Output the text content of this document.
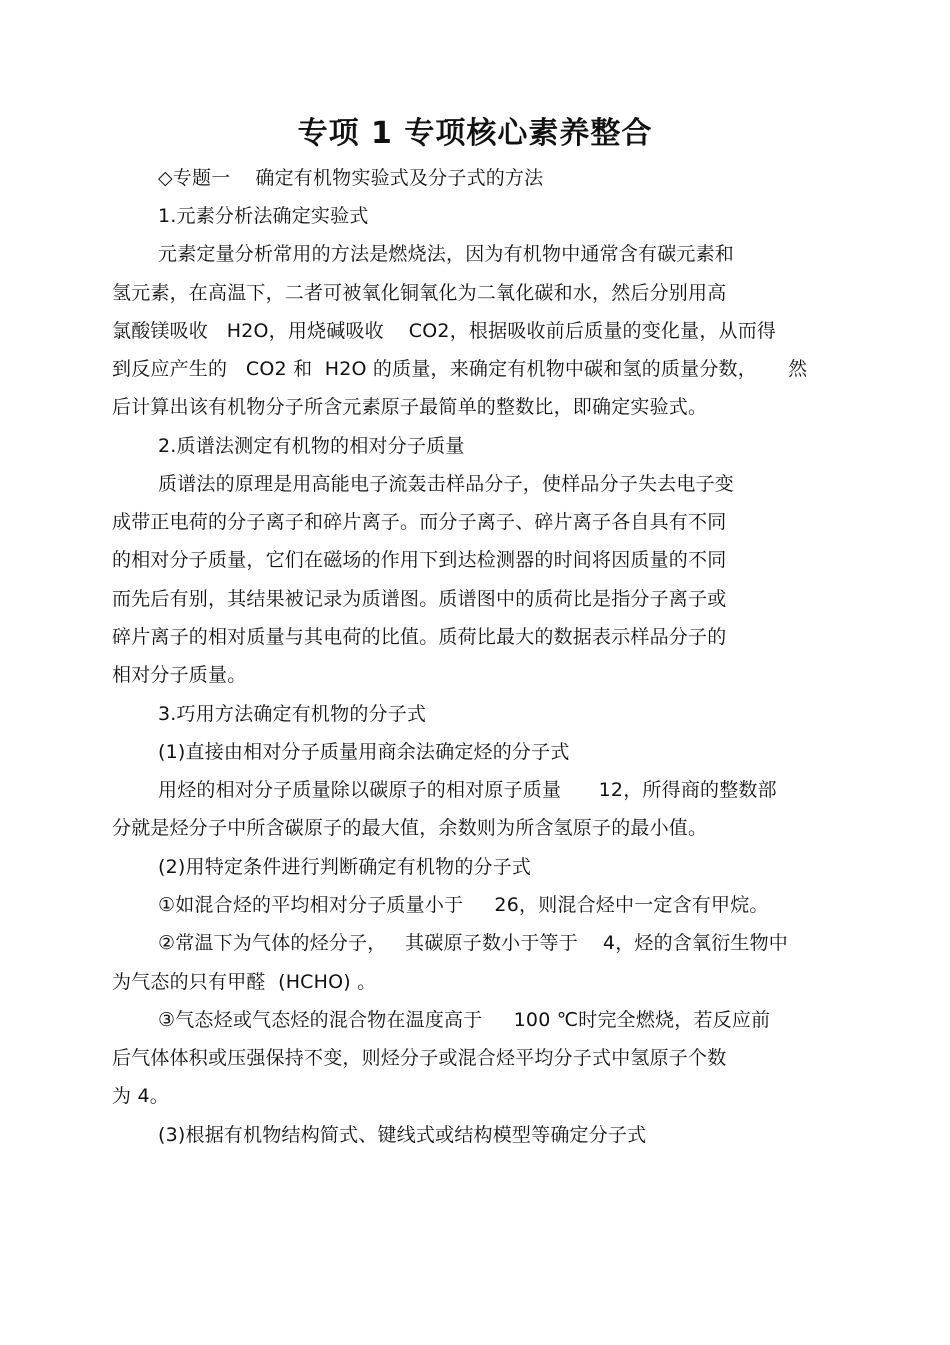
专项 1 专项核心素养整合

◇专题一    确定有机物实验式及分子式的方法

1.元素分析法确定实验式

元素定量分析常用的方法是燃烧法，因为有机物中通常含有碳元素和

氢元素，在高温下，二者可被氧化铜氧化为二氧化碳和水，然后分别用高

氯酸镁吸收   H2O，用烧碱吸收    CO2，根据吸收前后质量的变化量，从而得

到反应产生的   CO2 和  H2O 的质量，来确定有机物中碳和氢的质量分数，     然

后计算出该有机物分子所含元素原子最简单的整数比，即确定实验式。

2.质谱法测定有机物的相对分子质量

质谱法的原理是用高能电子流轰击样品分子，使样品分子失去电子变

成带正电荷的分子离子和碎片离子。而分子离子、碎片离子各自具有不同

的相对分子质量，它们在磁场的作用下到达检测器的时间将因质量的不同

而先后有别，其结果被记录为质谱图。质谱图中的质荷比是指分子离子或

碎片离子的相对质量与其电荷的比值。质荷比最大的数据表示样品分子的

相对分子质量。

3.巧用方法确定有机物的分子式

(1)直接由相对分子质量用商余法确定烃的分子式

用烃的相对分子质量除以碳原子的相对原子质量      12，所得商的整数部

分就是烃分子中所含碳原子的最大值，余数则为所含氢原子的最小值。

(2)用特定条件进行判断确定有机物的分子式

①如混合烃的平均相对分子质量小于     26，则混合烃中一定含有甲烷。

②常温下为气体的烃分子，   其碳原子数小于等于    4，烃的含氧衍生物中

为气态的只有甲醛  (HCHO) 。

③气态烃或气态烃的混合物在温度高于     100 ℃时完全燃烧，若反应前

后气体体积或压强保持不变，则烃分子或混合烃平均分子式中氢原子个数

为 4。

(3)根据有机物结构简式、键线式或结构模型等确定分子式
